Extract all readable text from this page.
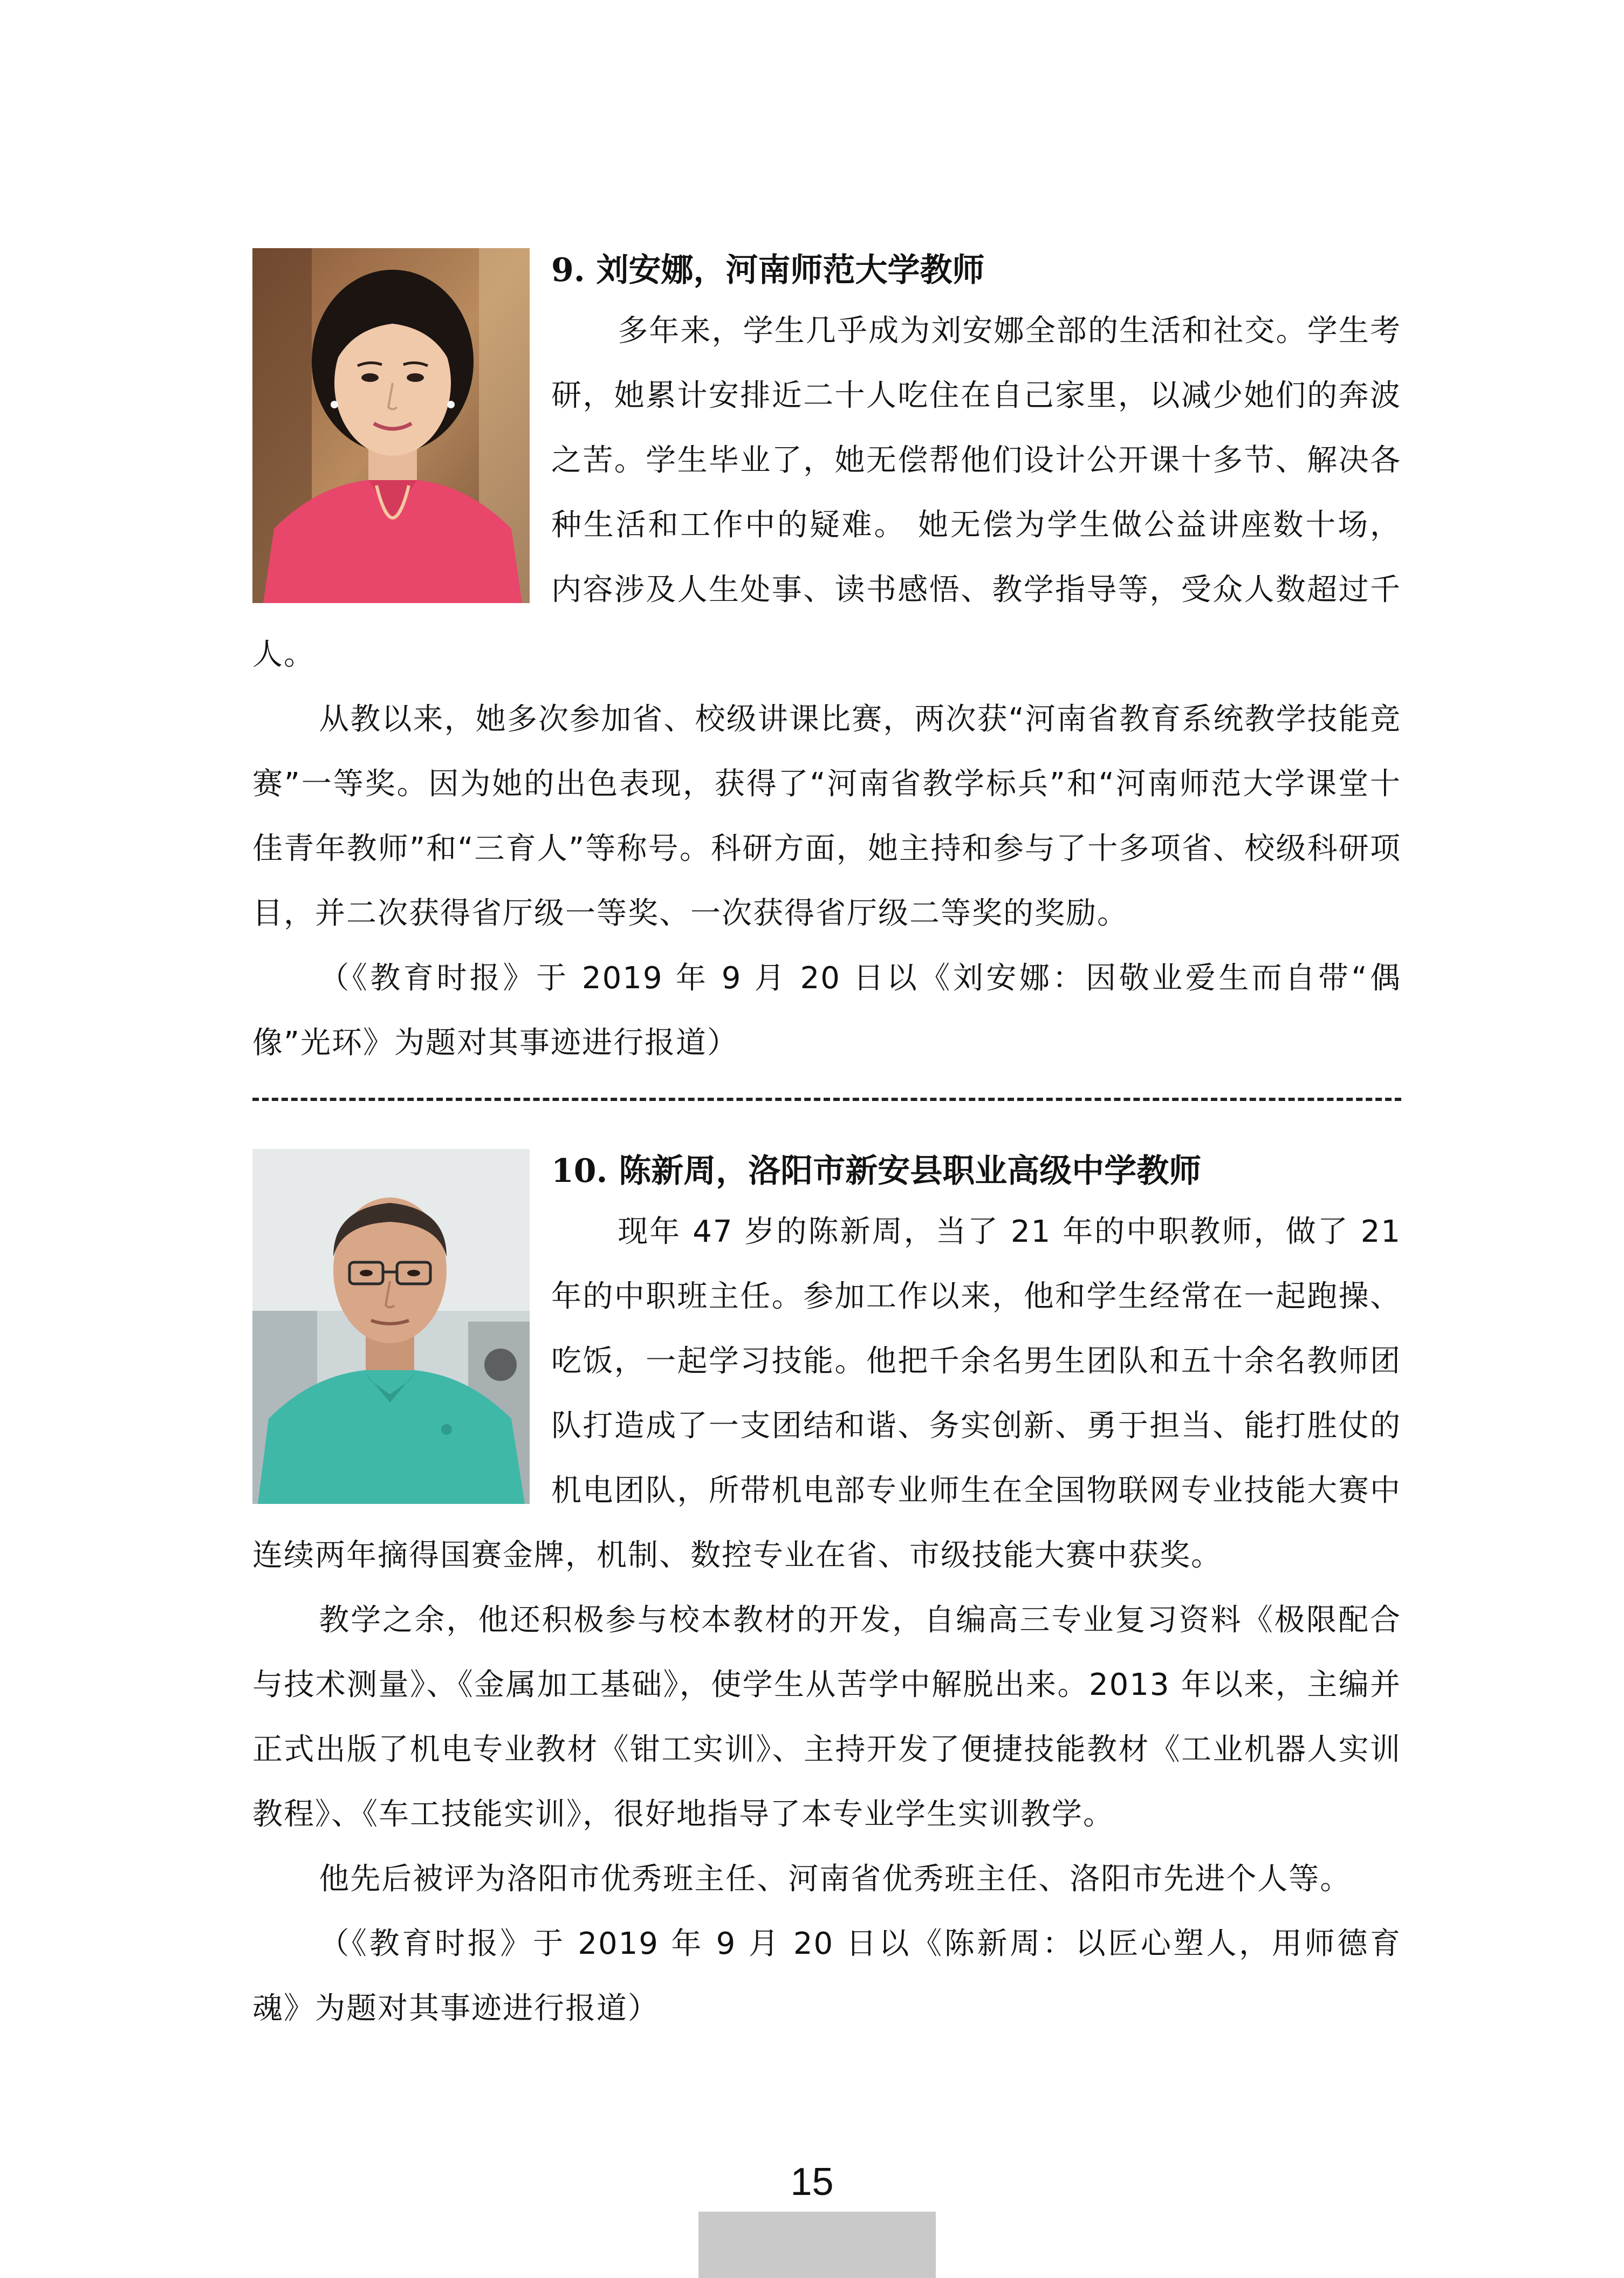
9. 刘安娜，河南师范大学教师

多年来，学生几乎成为刘安娜全部的生活和社交。学生考研，她累计安排近二十人吃住在自己家里，以减少她们的奔波之苦。学生毕业了，她无偿帮他们设计公开课十多节、解决各种生活和工作中的疑难。 她无偿为学生做公益讲座数十场，内容涉及人生处事、读书感悟、教学指导等，受众人数超过千人。

从教以来，她多次参加省、校级讲课比赛，两次获“河南省教育系统教学技能竞赛”一等奖。因为她的出色表现，获得了“河南省教学标兵”和“河南师范大学课堂十佳青年教师”和“三育人”等称号。科研方面，她主持和参与了十多项省、校级科研项目，并二次获得省厅级一等奖、一次获得省厅级二等奖的奖励。

（《教育时报》于 2019 年 9 月 20 日以《刘安娜：因敬业爱生而自带“偶像”光环》为题对其事迹进行报道）

10. 陈新周，洛阳市新安县职业高级中学教师

现年 47 岁的陈新周，当了 21 年的中职教师，做了 21 年的中职班主任。参加工作以来，他和学生经常在一起跑操、吃饭，一起学习技能。他把千余名男生团队和五十余名教师团队打造成了一支团结和谐、务实创新、勇于担当、能打胜仗的机电团队，所带机电部专业师生在全国物联网专业技能大赛中连续两年摘得国赛金牌，机制、数控专业在省、市级技能大赛中获奖。

教学之余，他还积极参与校本教材的开发，自编高三专业复习资料《极限配合与技术测量》、《金属加工基础》，使学生从苦学中解脱出来。2013 年以来，主编并正式出版了机电专业教材《钳工实训》、主持开发了便捷技能教材《工业机器人实训教程》、《车工技能实训》，很好地指导了本专业学生实训教学。

他先后被评为洛阳市优秀班主任、河南省优秀班主任、洛阳市先进个人等。

（《教育时报》于 2019 年 9 月 20 日以《陈新周：以匠心塑人，用师德育魂》为题对其事迹进行报道）

15
